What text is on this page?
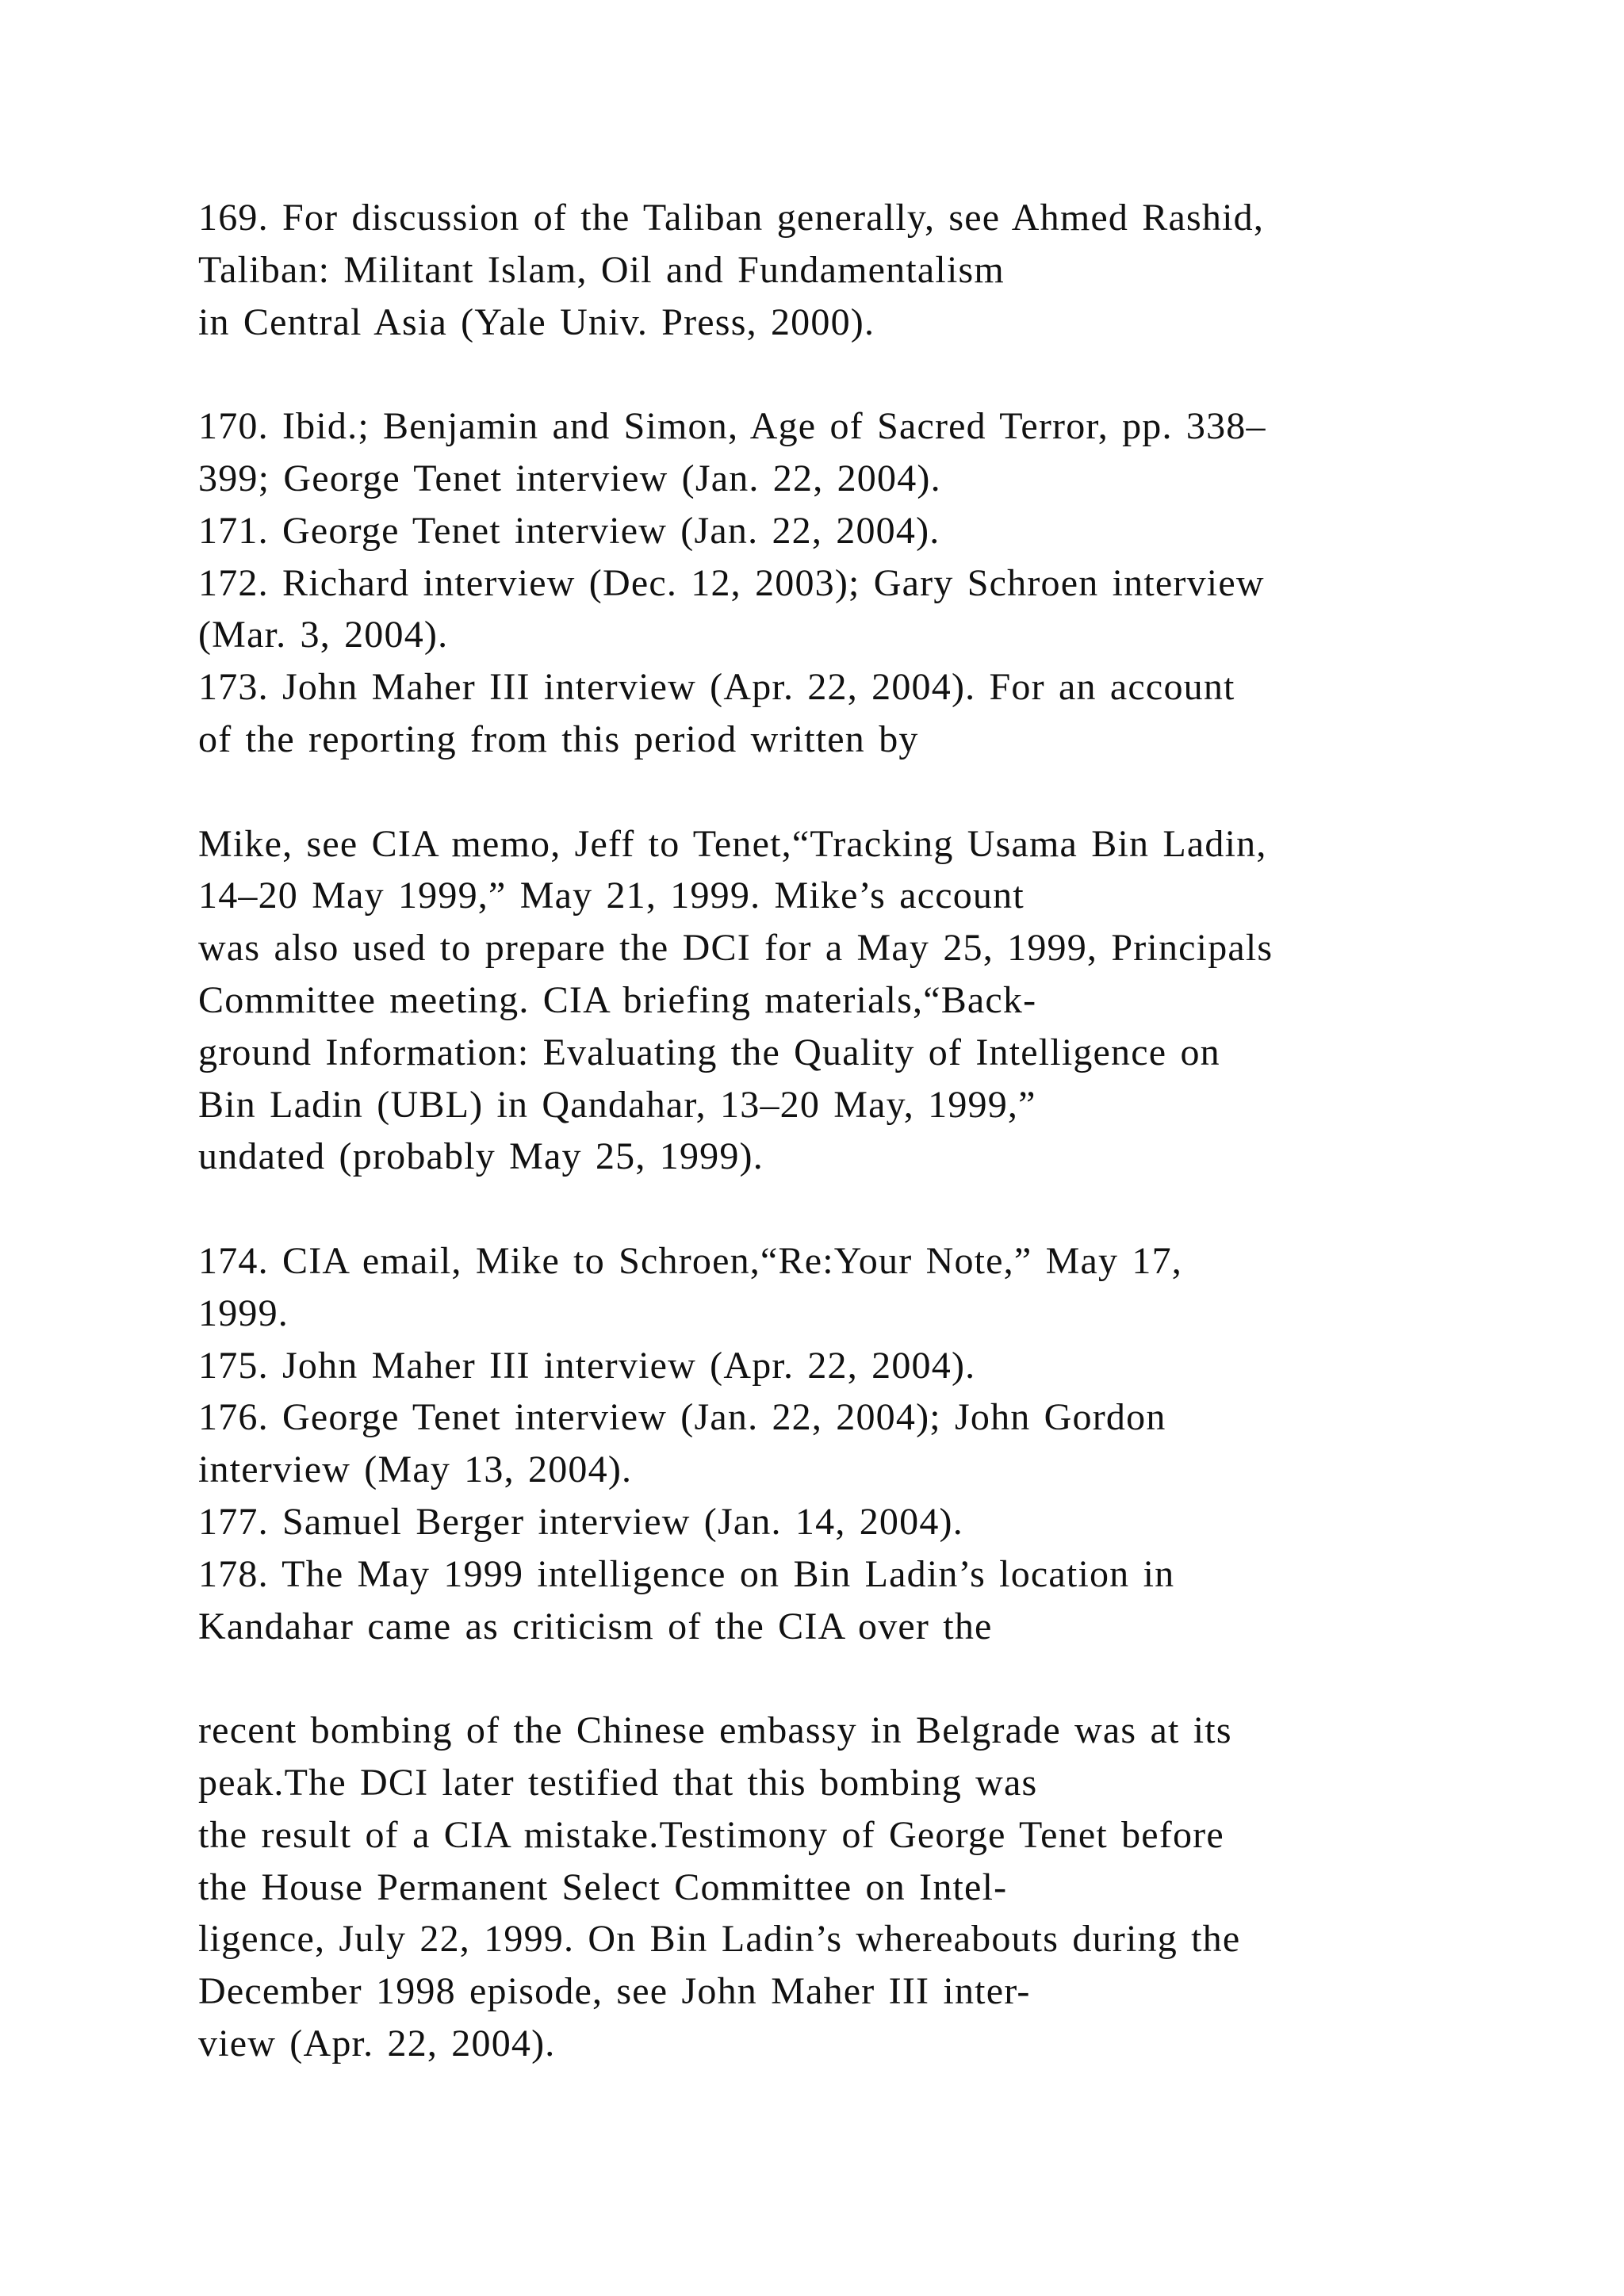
169. For discussion of the Taliban generally, see Ahmed Rashid,
Taliban: Militant Islam, Oil and Fundamentalism
in Central Asia (Yale Univ. Press, 2000).
170. Ibid.; Benjamin and Simon, Age of Sacred Terror, pp. 338–
399; George Tenet interview (Jan. 22, 2004).
171. George Tenet interview (Jan. 22, 2004).
172. Richard interview (Dec. 12, 2003); Gary Schroen interview
(Mar. 3, 2004).
173. John Maher III interview (Apr. 22, 2004). For an account
of the reporting from this period written by
Mike, see CIA memo, Jeff to Tenet,“Tracking Usama Bin Ladin,
14–20 May 1999,” May 21, 1999. Mike’s account
was also used to prepare the DCI for a May 25, 1999, Principals
Committee meeting. CIA briefing materials,“Back-
ground Information: Evaluating the Quality of Intelligence on
Bin Ladin (UBL) in Qandahar, 13–20 May, 1999,”
undated (probably May 25, 1999).
174. CIA email, Mike to Schroen,“Re:Your Note,” May 17,
1999.
175. John Maher III interview (Apr. 22, 2004).
176. George Tenet interview (Jan. 22, 2004); John Gordon
interview (May 13, 2004).
177. Samuel Berger interview (Jan. 14, 2004).
178. The May 1999 intelligence on Bin Ladin’s location in
Kandahar came as criticism of the CIA over the
recent bombing of the Chinese embassy in Belgrade was at its
peak.The DCI later testified that this bombing was
the result of a CIA mistake.Testimony of George Tenet before
the House Permanent Select Committee on Intel-
ligence, July 22, 1999. On Bin Ladin’s whereabouts during the
December 1998 episode, see John Maher III inter-
view (Apr. 22, 2004).
